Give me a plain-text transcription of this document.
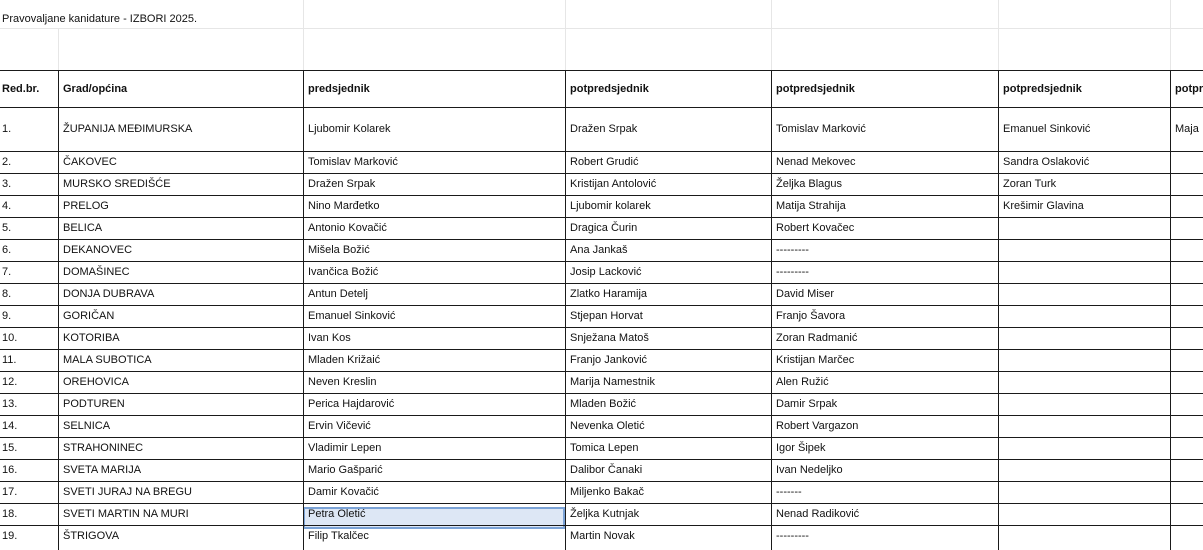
Pravovaljane kanidature - IZBORI 2025.
Red.br.	Grad/općina	predsjednik	potpredsjednik	potpredsjednik	potpredsjednik	potpr
1.	ŽUPANIJA MEĐIMURSKA	Ljubomir Kolarek	Dražen Srpak	Tomislav Marković	Emanuel Sinković	Maja
2.	ČAKOVEC	Tomislav Marković	Robert Grudić	Nenad Mekovec	Sandra Oslaković
3.	MURSKO SREDIŠĆE	Dražen Srpak	Kristijan Antolović	Željka Blagus	Zoran Turk
4.	PRELOG	Nino Marđetko	Ljubomir kolarek	Matija Strahija	Krešimir Glavina
5.	BELICA	Antonio Kovačić	Dragica Čurin	Robert Kovačec
6.	DEKANOVEC	Mišela Božić	Ana Jankaš	---------
7.	DOMAŠINEC	Ivančica Božić	Josip Lacković	---------
8.	DONJA DUBRAVA	Antun Detelj	Zlatko Haramija	David Miser
9.	GORIČAN	Emanuel Sinković	Stjepan Horvat	Franjo Šavora
10.	KOTORIBA	Ivan Kos	Snježana Matoš	Zoran Radmanić
11.	MALA SUBOTICA	Mladen Križaić	Franjo Janković	Kristijan Marčec
12.	OREHOVICA	Neven Kreslin	Marija Namestnik	Alen Ružić
13.	PODTUREN	Perica Hajdarović	Mladen Božić	Damir Srpak
14.	SELNICA	Ervin Vičević	Nevenka Oletić	Robert Vargazon
15.	STRAHONINEC	Vladimir Lepen	Tomica Lepen	Igor Šipek
16.	SVETA MARIJA	Mario Gašparić	Dalibor Čanaki	Ivan Nedeljko
17.	SVETI JURAJ NA BREGU	Damir Kovačić	Miljenko Bakač	-------
18.	SVETI MARTIN NA MURI	Petra Oletić	Željka Kutnjak	Nenad Radiković
19.	ŠTRIGOVA	Filip Tkalčec	Martin Novak	---------
